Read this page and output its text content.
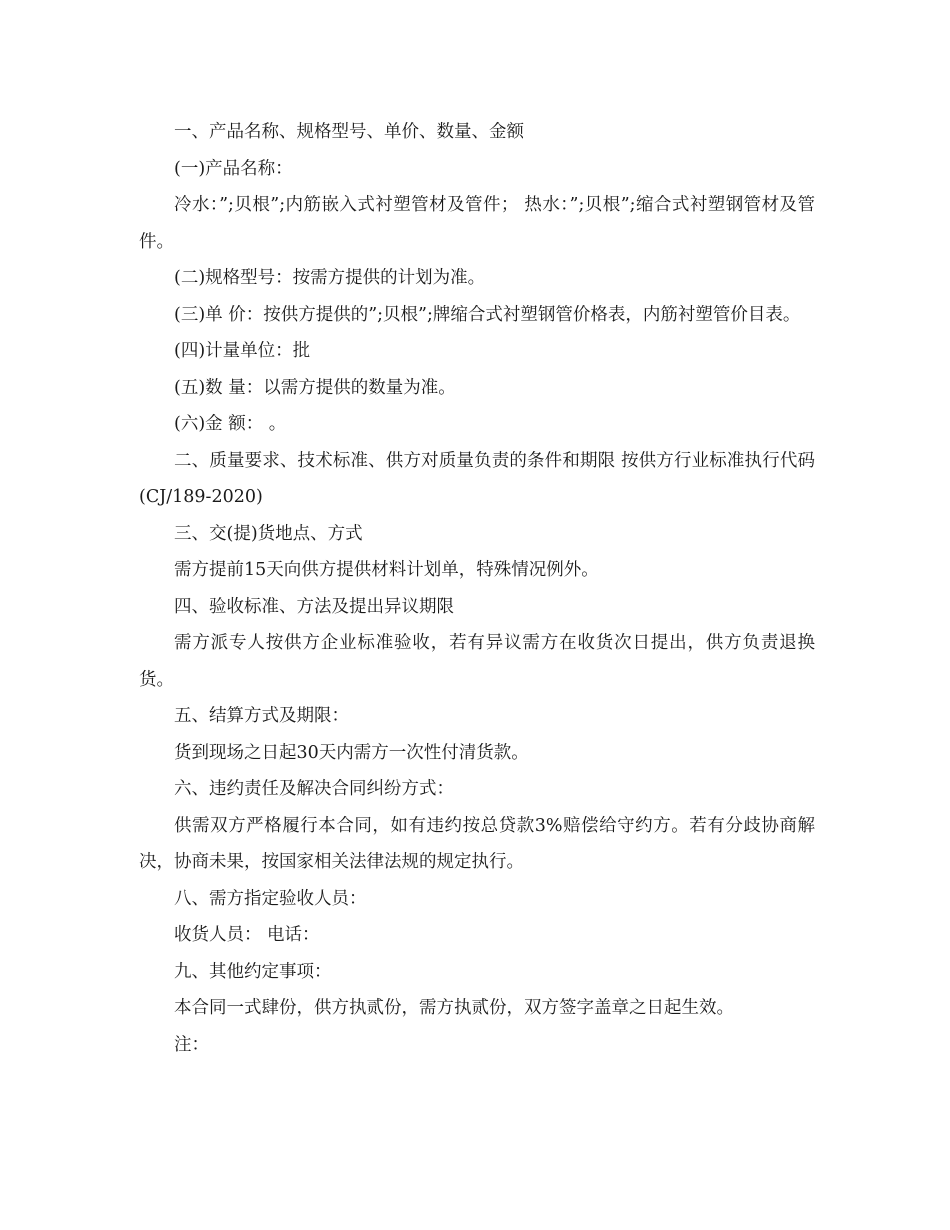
一、产品名称、规格型号、单价、数量、金额

(一)产品名称：

冷水：”;贝根”;内筋嵌入式衬塑管材及管件； 热水：”;贝根”;缩合式衬塑钢管材及管件。

(二)规格型号：按需方提供的计划为准。

(三)单 价：按供方提供的”;贝根”;牌缩合式衬塑钢管价格表，内筋衬塑管价目表。

(四)计量单位：批

(五)数 量：以需方提供的数量为准。

(六)金 额： 。

二、质量要求、技术标准、供方对质量负责的条件和期限 按供方行业标准执行代码(CJ/189-2020)

三、交(提)货地点、方式

需方提前15天向供方提供材料计划单，特殊情况例外。

四、验收标准、方法及提出异议期限

需方派专人按供方企业标准验收，若有异议需方在收货次日提出，供方负责退换货。

五、结算方式及期限：

货到现场之日起30天内需方一次性付清货款。

六、违约责任及解决合同纠纷方式：

供需双方严格履行本合同，如有违约按总贷款3%赔偿给守约方。若有分歧协商解决，协商未果，按国家相关法律法规的规定执行。

八、需方指定验收人员：

收货人员： 电话：

九、其他约定事项：

本合同一式肆份，供方执贰份，需方执贰份，双方签字盖章之日起生效。

注：
